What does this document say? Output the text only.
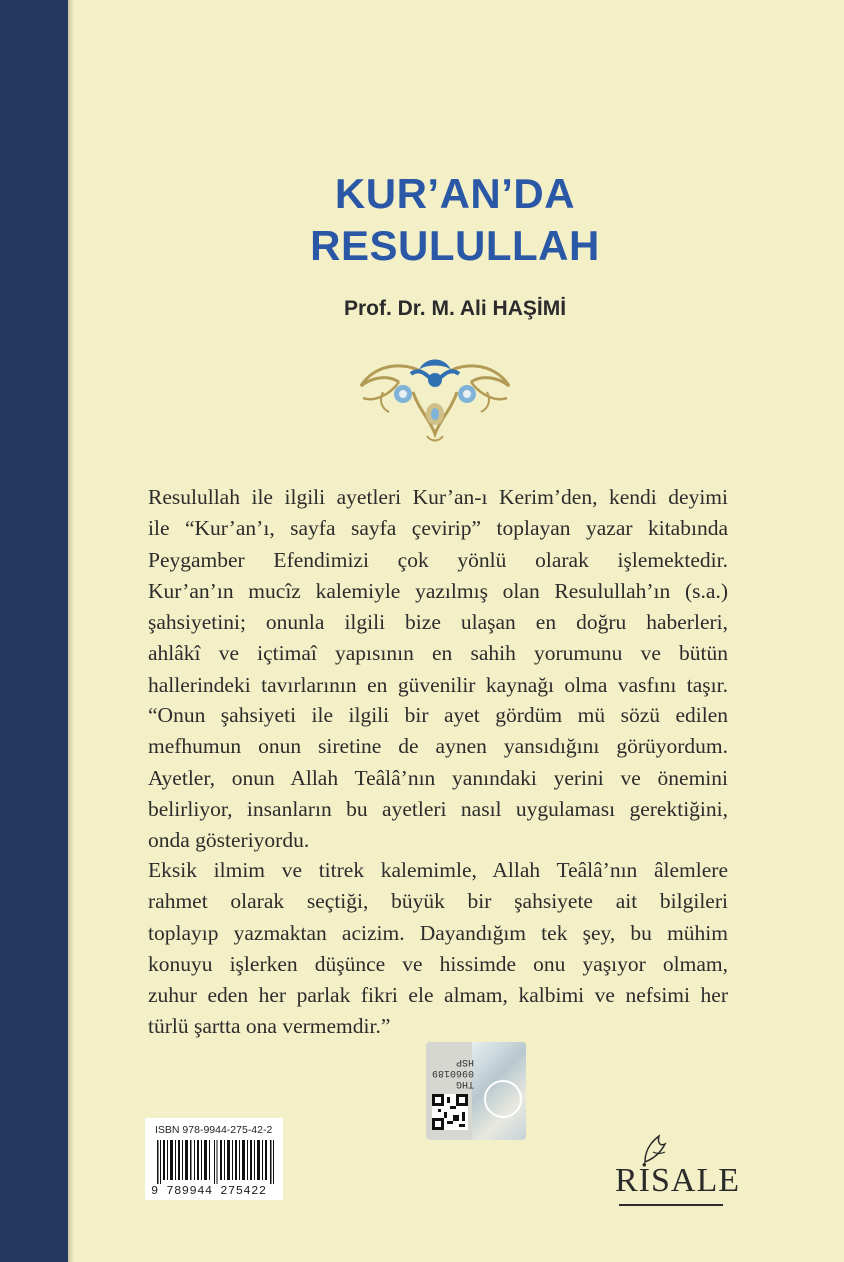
KUR’AN’DA
RESULULLAH
Prof. Dr. M. Ali HAŞİMİ
Resulullah ile ilgili ayetleri Kur’an-ı Kerim’den, kendi deyimi
ile “Kur’an’ı, sayfa sayfa çevirip” toplayan yazar kitabında
Peygamber Efendimizi çok yönlü olarak işlemektedir.
Kur’an’ın mucîz kalemiyle yazılmış olan Resulullah’ın (s.a.)
şahsiyetini; onunla ilgili bize ulaşan en doğru haberleri,
ahlâkî ve içtimaî yapısının en sahih yorumunu ve bütün
hallerindeki tavırlarının en güvenilir kaynağı olma vasfını taşır.
“Onun şahsiyeti ile ilgili bir ayet gördüm mü sözü edilen
mefhumun onun siretine de aynen yansıdığını görüyordum.
Ayetler, onun Allah Teâlâ’nın yanındaki yerini ve önemini
belirliyor, insanların bu ayetleri nasıl uygulaması gerektiğini,
onda gösteriyordu.
Eksik ilmim ve titrek kalemimle, Allah Teâlâ’nın âlemlere
rahmet olarak seçtiği, büyük bir şahsiyete ait bilgileri
toplayıp yazmaktan acizim. Dayandığım tek şey, bu mühim
konuyu işlerken düşünce ve hissimde onu yaşıyor olmam,
zuhur eden her parlak fikri ele almam, kalbimi ve nefsimi her
türlü şartta ona vermemdir.”
THG
0960189
HSP
ISBN 978-9944-275-42-2
9 789944 275422	RİSALE
